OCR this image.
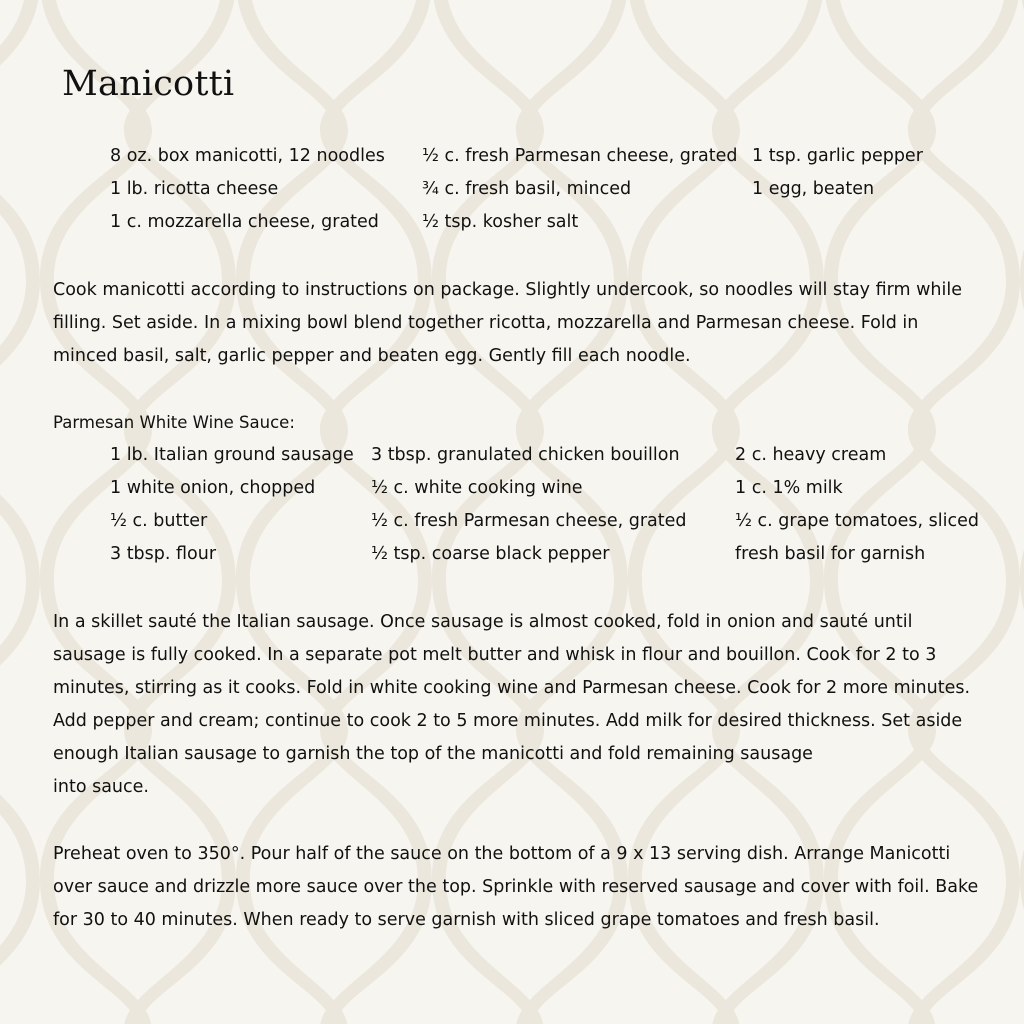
Manicotti
8 oz. box manicotti, 12 noodles
1 lb. ricotta cheese
1 c. mozzarella cheese, grated
½ c. fresh Parmesan cheese, grated
¾ c. fresh basil, minced
½ tsp. kosher salt
1 tsp. garlic pepper
1 egg, beaten

Cook manicotti according to instructions on package. Slightly undercook, so noodles will stay firm while filling. Set aside. In a mixing bowl blend together ricotta, mozzarella and Parmesan cheese. Fold in minced basil, salt, garlic pepper and beaten egg. Gently fill each noodle.

Parmesan White Wine Sauce:

1 lb. Italian ground sausage
1 white onion, chopped
½ c. butter
3 tbsp. flour
3 tbsp. granulated chicken bouillon
½ c. white cooking wine
½ c. fresh Parmesan cheese, grated
½ tsp. coarse black pepper
2 c. heavy cream
1 c. 1% milk
½ c. grape tomatoes, sliced
fresh basil for garnish

In a skillet sauté the Italian sausage. Once sausage is almost cooked, fold in onion and sauté until sausage is fully cooked. In a separate pot melt butter and whisk in flour and bouillon. Cook for 2 to 3 minutes, stirring as it cooks. Fold in white cooking wine and Parmesan cheese. Cook for 2 more minutes. Add pepper and cream; continue to cook 2 to 5 more minutes. Add milk for desired thickness. Set aside enough Italian sausage to garnish the top of the manicotti and fold remaining sausage
into sauce.

Preheat oven to 350°. Pour half of the sauce on the bottom of a 9 x 13 serving dish. Arrange Manicotti over sauce and drizzle more sauce over the top. Sprinkle with reserved sausage and cover with foil. Bake for 30 to 40 minutes. When ready to serve garnish with sliced grape tomatoes and fresh basil.
